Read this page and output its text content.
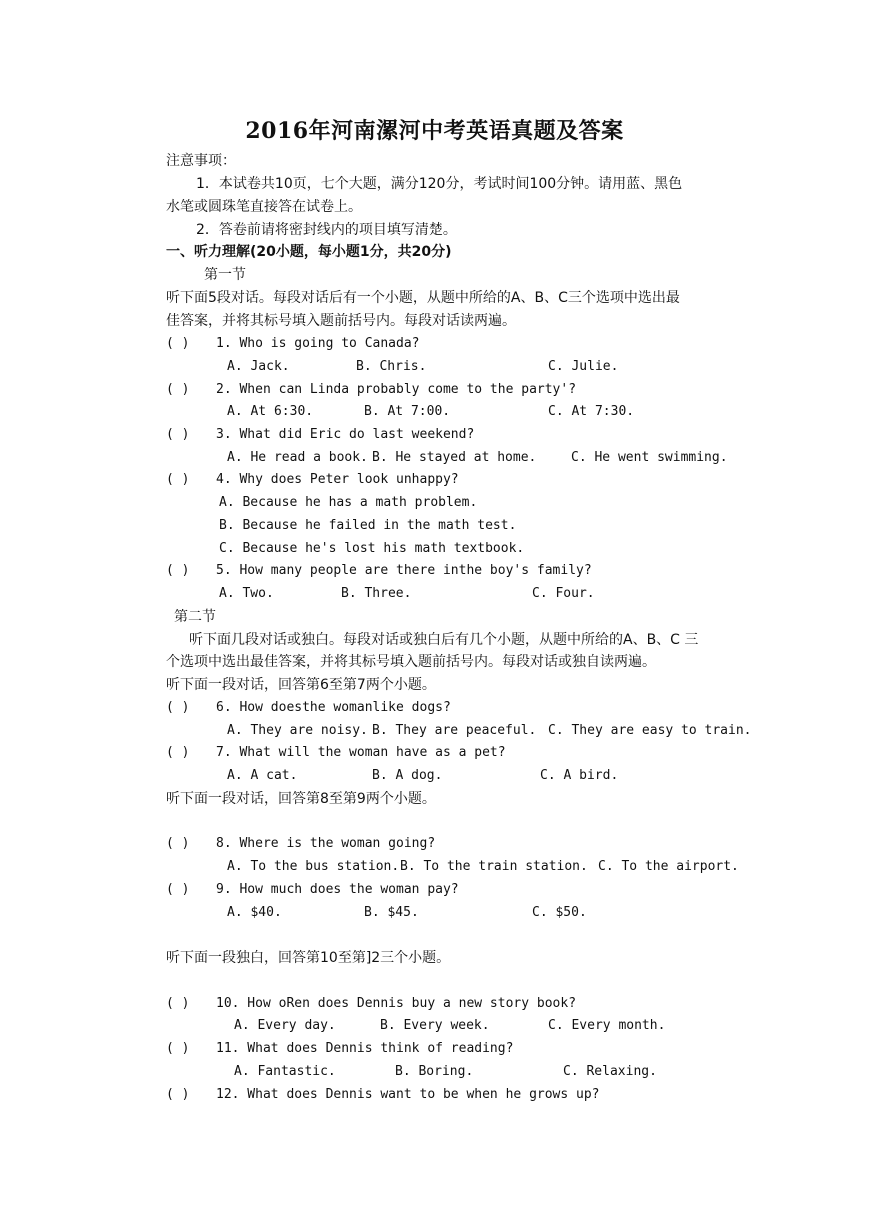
2016年河南漯河中考英语真题及答案
注意事项：
1．本试卷共10页，七个大题，满分120分，考试时间100分钟。请用蓝、黑色
水笔或圆珠笔直接答在试卷上。
2．答卷前请将密封线内的项目填写清楚。
一、听力理解(20小题，每小题1分，共20分)
第一节
听下面5段对话。每段对话后有一个小题，从题中所给的A、B、C三个选项中选出最
佳答案，并将其标号填入题前括号内。每段对话读两遍。
( ) 1. Who is going to Canada?
A. Jack.	B. Chris.	C. Julie.
( ) 2. When can Linda probably come to the party'?
A. At 6:30.	B. At 7:00.	C. At 7:30.
( ) 3. What did Eric do last weekend?
A. He read a book. B. He stayed at home.	C. He went swimming.
( ) 4. Why does Peter look unhappy?
A. Because he has a math problem.
B. Because he failed in the math test.
C. Because he's lost his math textbook.
( ) 5. How many people are there inthe boy's family?
A. Two.	B. Three.	C. Four.
第二节
听下面几段对话或独白。每段对话或独白后有几个小题，从题中所给的A、B、C 三
个选项中选出最佳答案，并将其标号填入题前括号内。每段对话或独自读两遍。
听下面一段对话，回答第6至第7两个小题。
( ) 6. How doesthe womanlike dogs?
A. They are noisy. B. They are peaceful. C. They are easy to train.
( ) 7. What will the woman have as a pet?
A. A cat.	B. A dog.	C. A bird.
听下面一段对话，回答第8至第9两个小题。
( ) 8. Where is the woman going?
A. To the bus station. B. To the train station. C. To the airport.
( ) 9. How much does the woman pay?
A. $40.	B. $45.	C. $50.
听下面一段独白，回答第10至第]2三个小题。
( ) 10. How oRen does Dennis buy a new story book?
A. Every day.	B. Every week.	C. Every month.
( ) 11. What does Dennis think of reading?
A. Fantastic.	B. Boring.	C. Relaxing.
( ) 12. What does Dennis want to be when he grows up?
